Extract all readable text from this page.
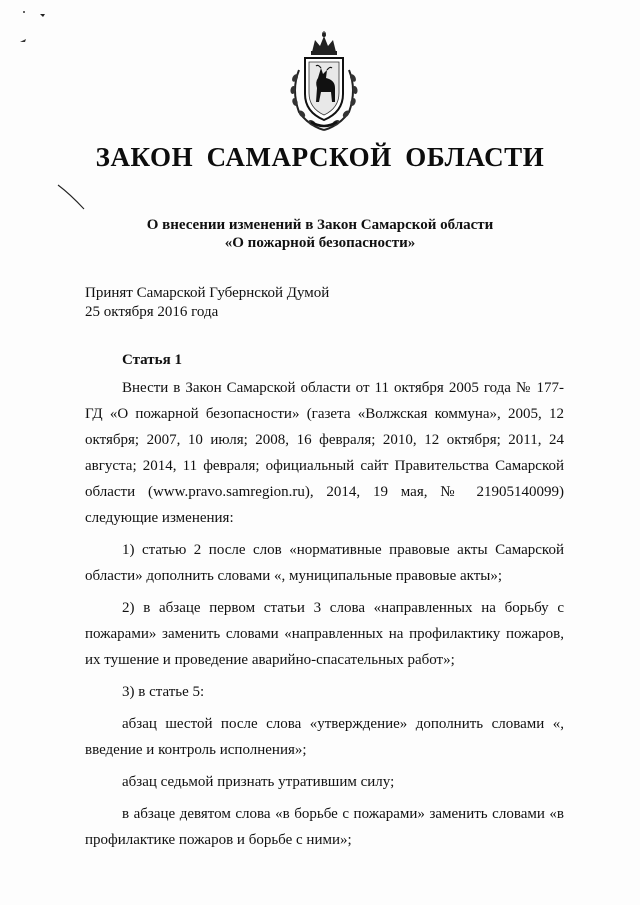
ЗАКОН САМАРСКОЙ ОБЛАСТИ
О внесении изменений в Закон Самарской области
«О пожарной безопасности»
Принят Самарской Губернской Думой
25 октября 2016 года
Статья 1

Внести в Закон Самарской области от 11 октября 2005 года № 177-ГД «О пожарной безопасности» (газета «Волжская коммуна», 2005, 12 октября; 2007, 10 июля; 2008, 16 февраля; 2010, 12 октября; 2011, 24 августа; 2014, 11 февраля; официальный сайт Правительства Самарской области (www.pravo.samregion.ru), 2014, 19 мая, № 21905140099) следующие изменения:

1) статью 2 после слов «нормативные правовые акты Самарской области» дополнить словами «, муниципальные правовые акты»;

2) в абзаце первом статьи 3 слова «направленных на борьбу с пожарами» заменить словами «направленных на профилактику пожаров, их тушение и проведение аварийно-спасательных работ»;

3) в статье 5:

абзац шестой после слова «утверждение» дополнить словами «, введение и контроль исполнения»;

абзац седьмой признать утратившим силу;

в абзаце девятом слова «в борьбе с пожарами» заменить словами «в профилактике пожаров и борьбе с ними»;
